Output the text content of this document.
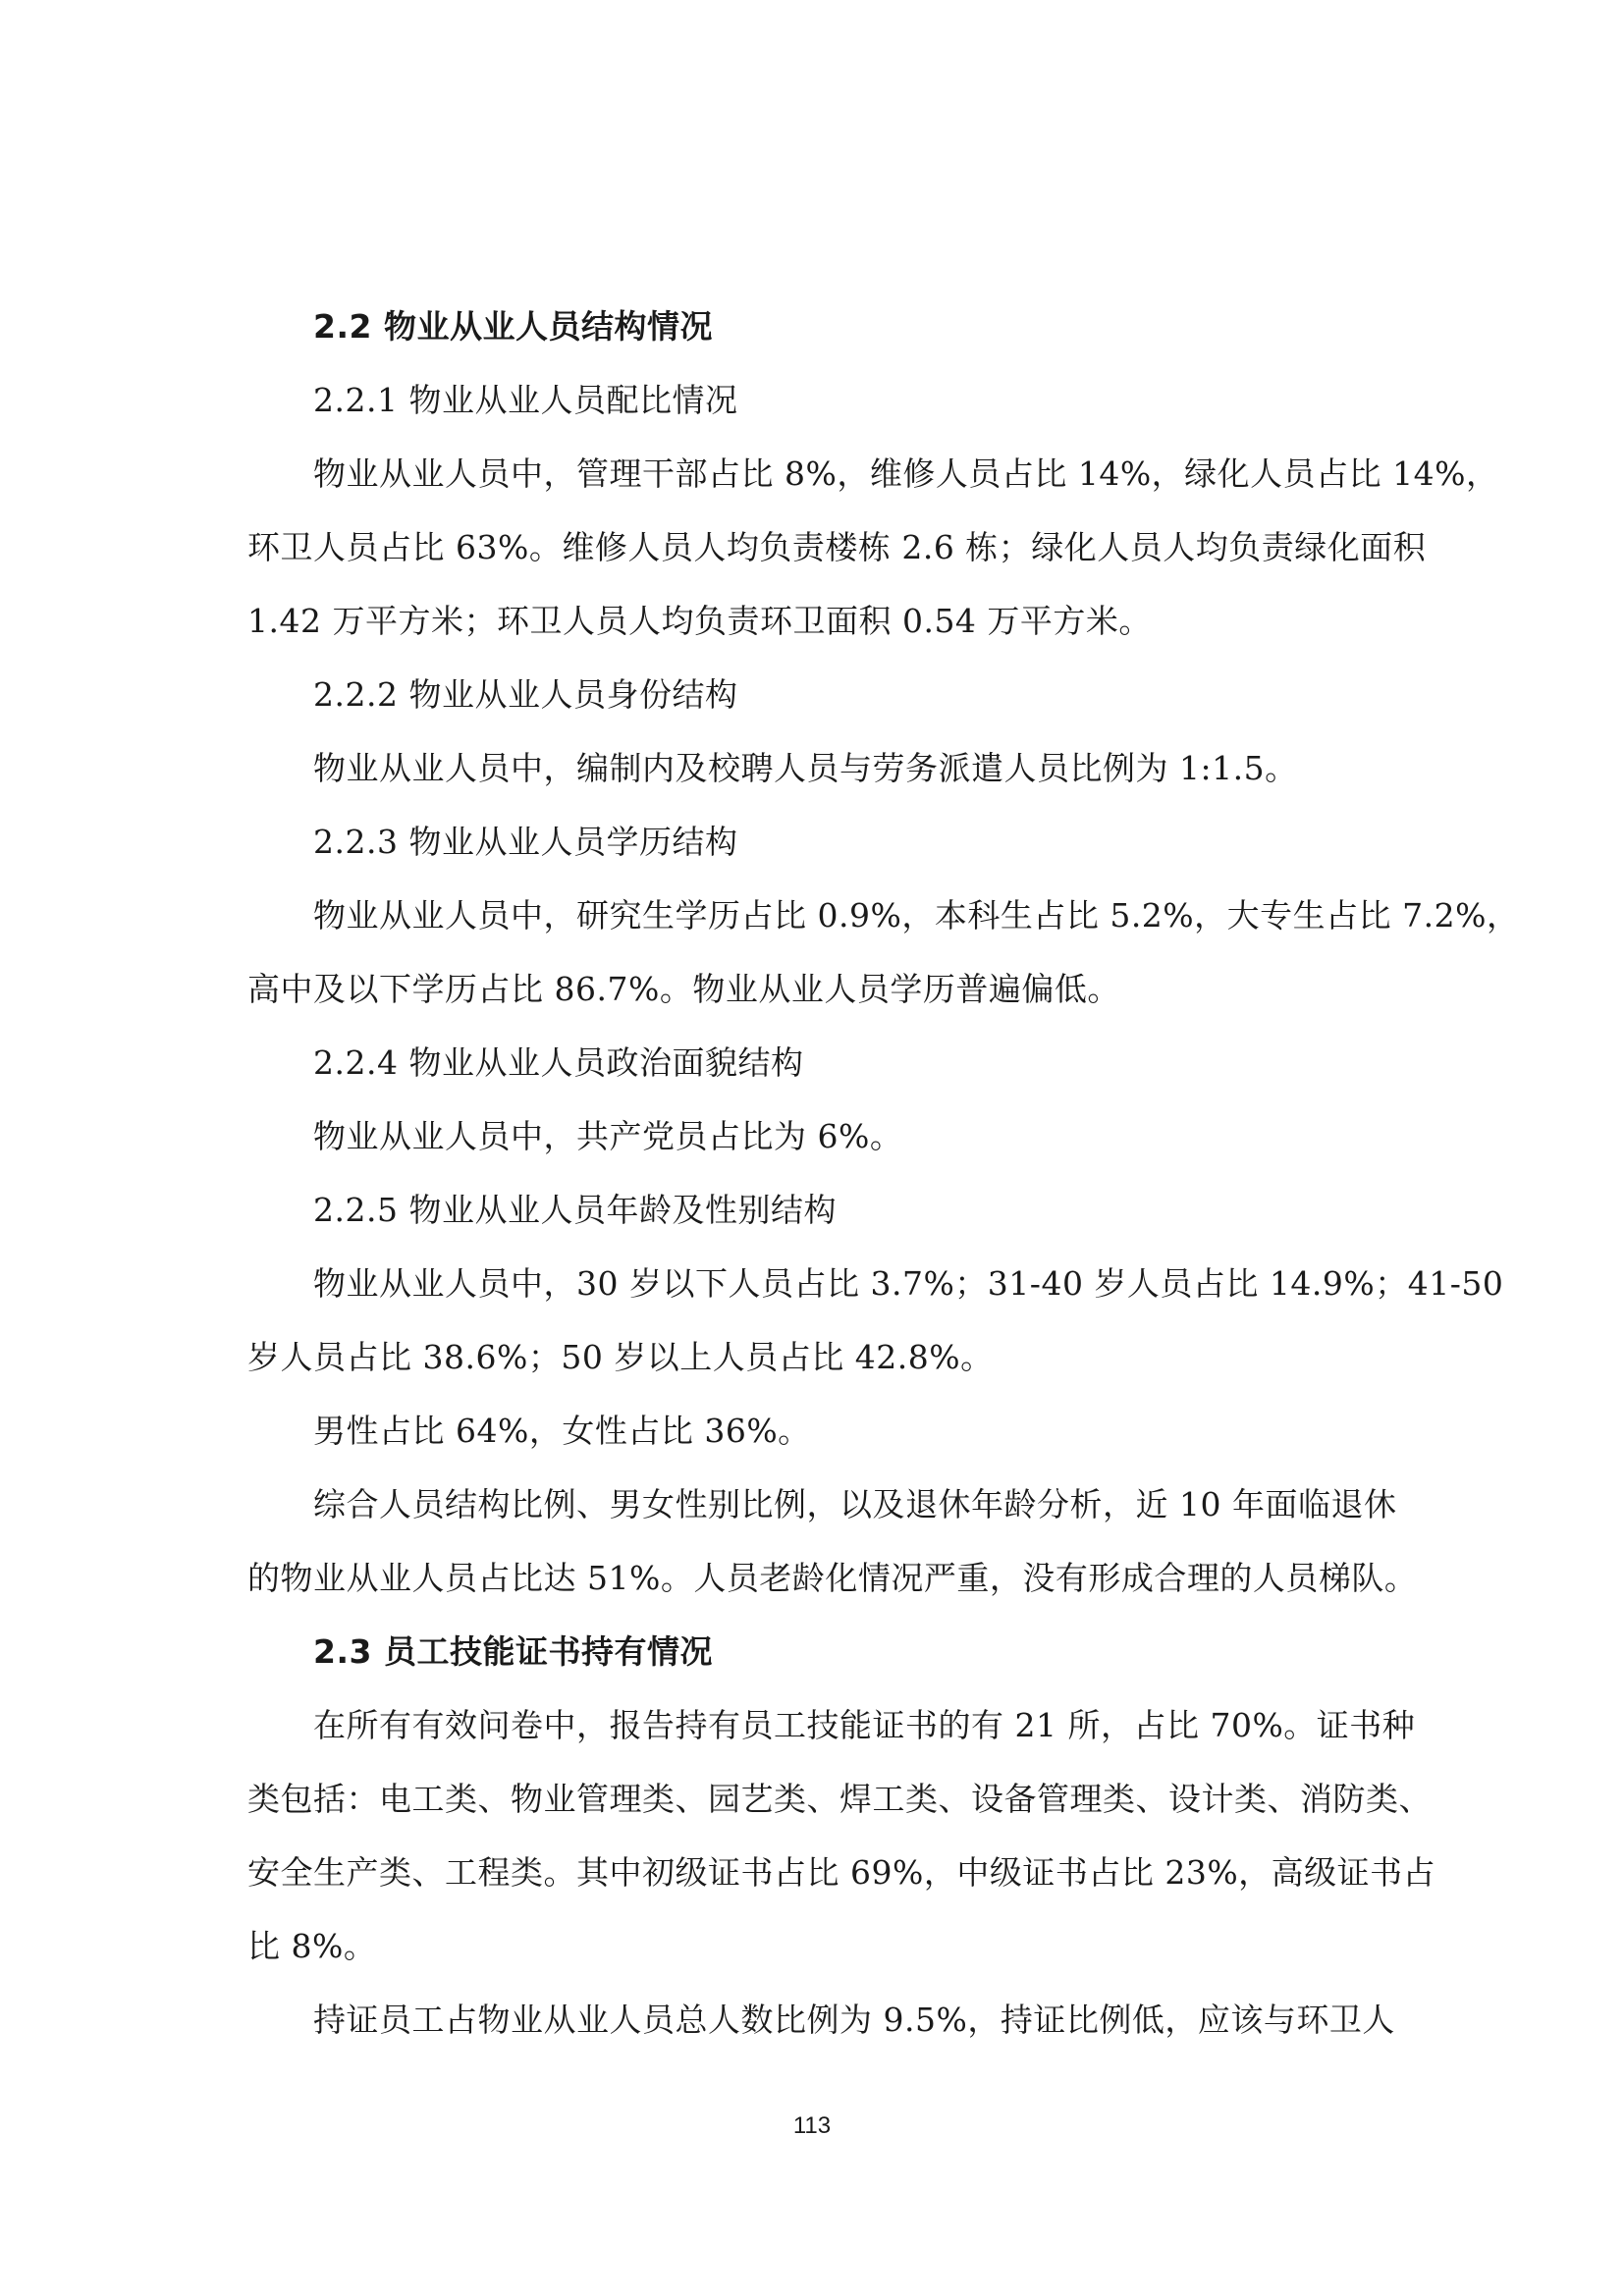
2.2 物业从业人员结构情况
2.2.1 物业从业人员配比情况
物业从业人员中，管理干部占比 8%，维修人员占比 14%，绿化人员占比 14%，
环卫人员占比 63%。维修人员人均负责楼栋 2.6 栋；绿化人员人均负责绿化面积
1.42 万平方米；环卫人员人均负责环卫面积 0.54 万平方米。
2.2.2 物业从业人员身份结构
物业从业人员中，编制内及校聘人员与劳务派遣人员比例为 1:1.5。
2.2.3 物业从业人员学历结构
物业从业人员中，研究生学历占比 0.9%，本科生占比 5.2%，大专生占比 7.2%，
高中及以下学历占比 86.7%。物业从业人员学历普遍偏低。
2.2.4 物业从业人员政治面貌结构
物业从业人员中，共产党员占比为 6%。
2.2.5 物业从业人员年龄及性别结构
物业从业人员中，30 岁以下人员占比 3.7%；31-40 岁人员占比 14.9%；41-50
岁人员占比 38.6%；50 岁以上人员占比 42.8%。
男性占比 64%，女性占比 36%。
综合人员结构比例、男女性别比例，以及退休年龄分析，近 10 年面临退休
的物业从业人员占比达 51%。人员老龄化情况严重，没有形成合理的人员梯队。
2.3 员工技能证书持有情况
在所有有效问卷中，报告持有员工技能证书的有 21 所，占比 70%。证书种
类包括：电工类、物业管理类、园艺类、焊工类、设备管理类、设计类、消防类、
安全生产类、工程类。其中初级证书占比 69%，中级证书占比 23%，高级证书占
比 8%。
持证员工占物业从业人员总人数比例为 9.5%，持证比例低，应该与环卫人
113
